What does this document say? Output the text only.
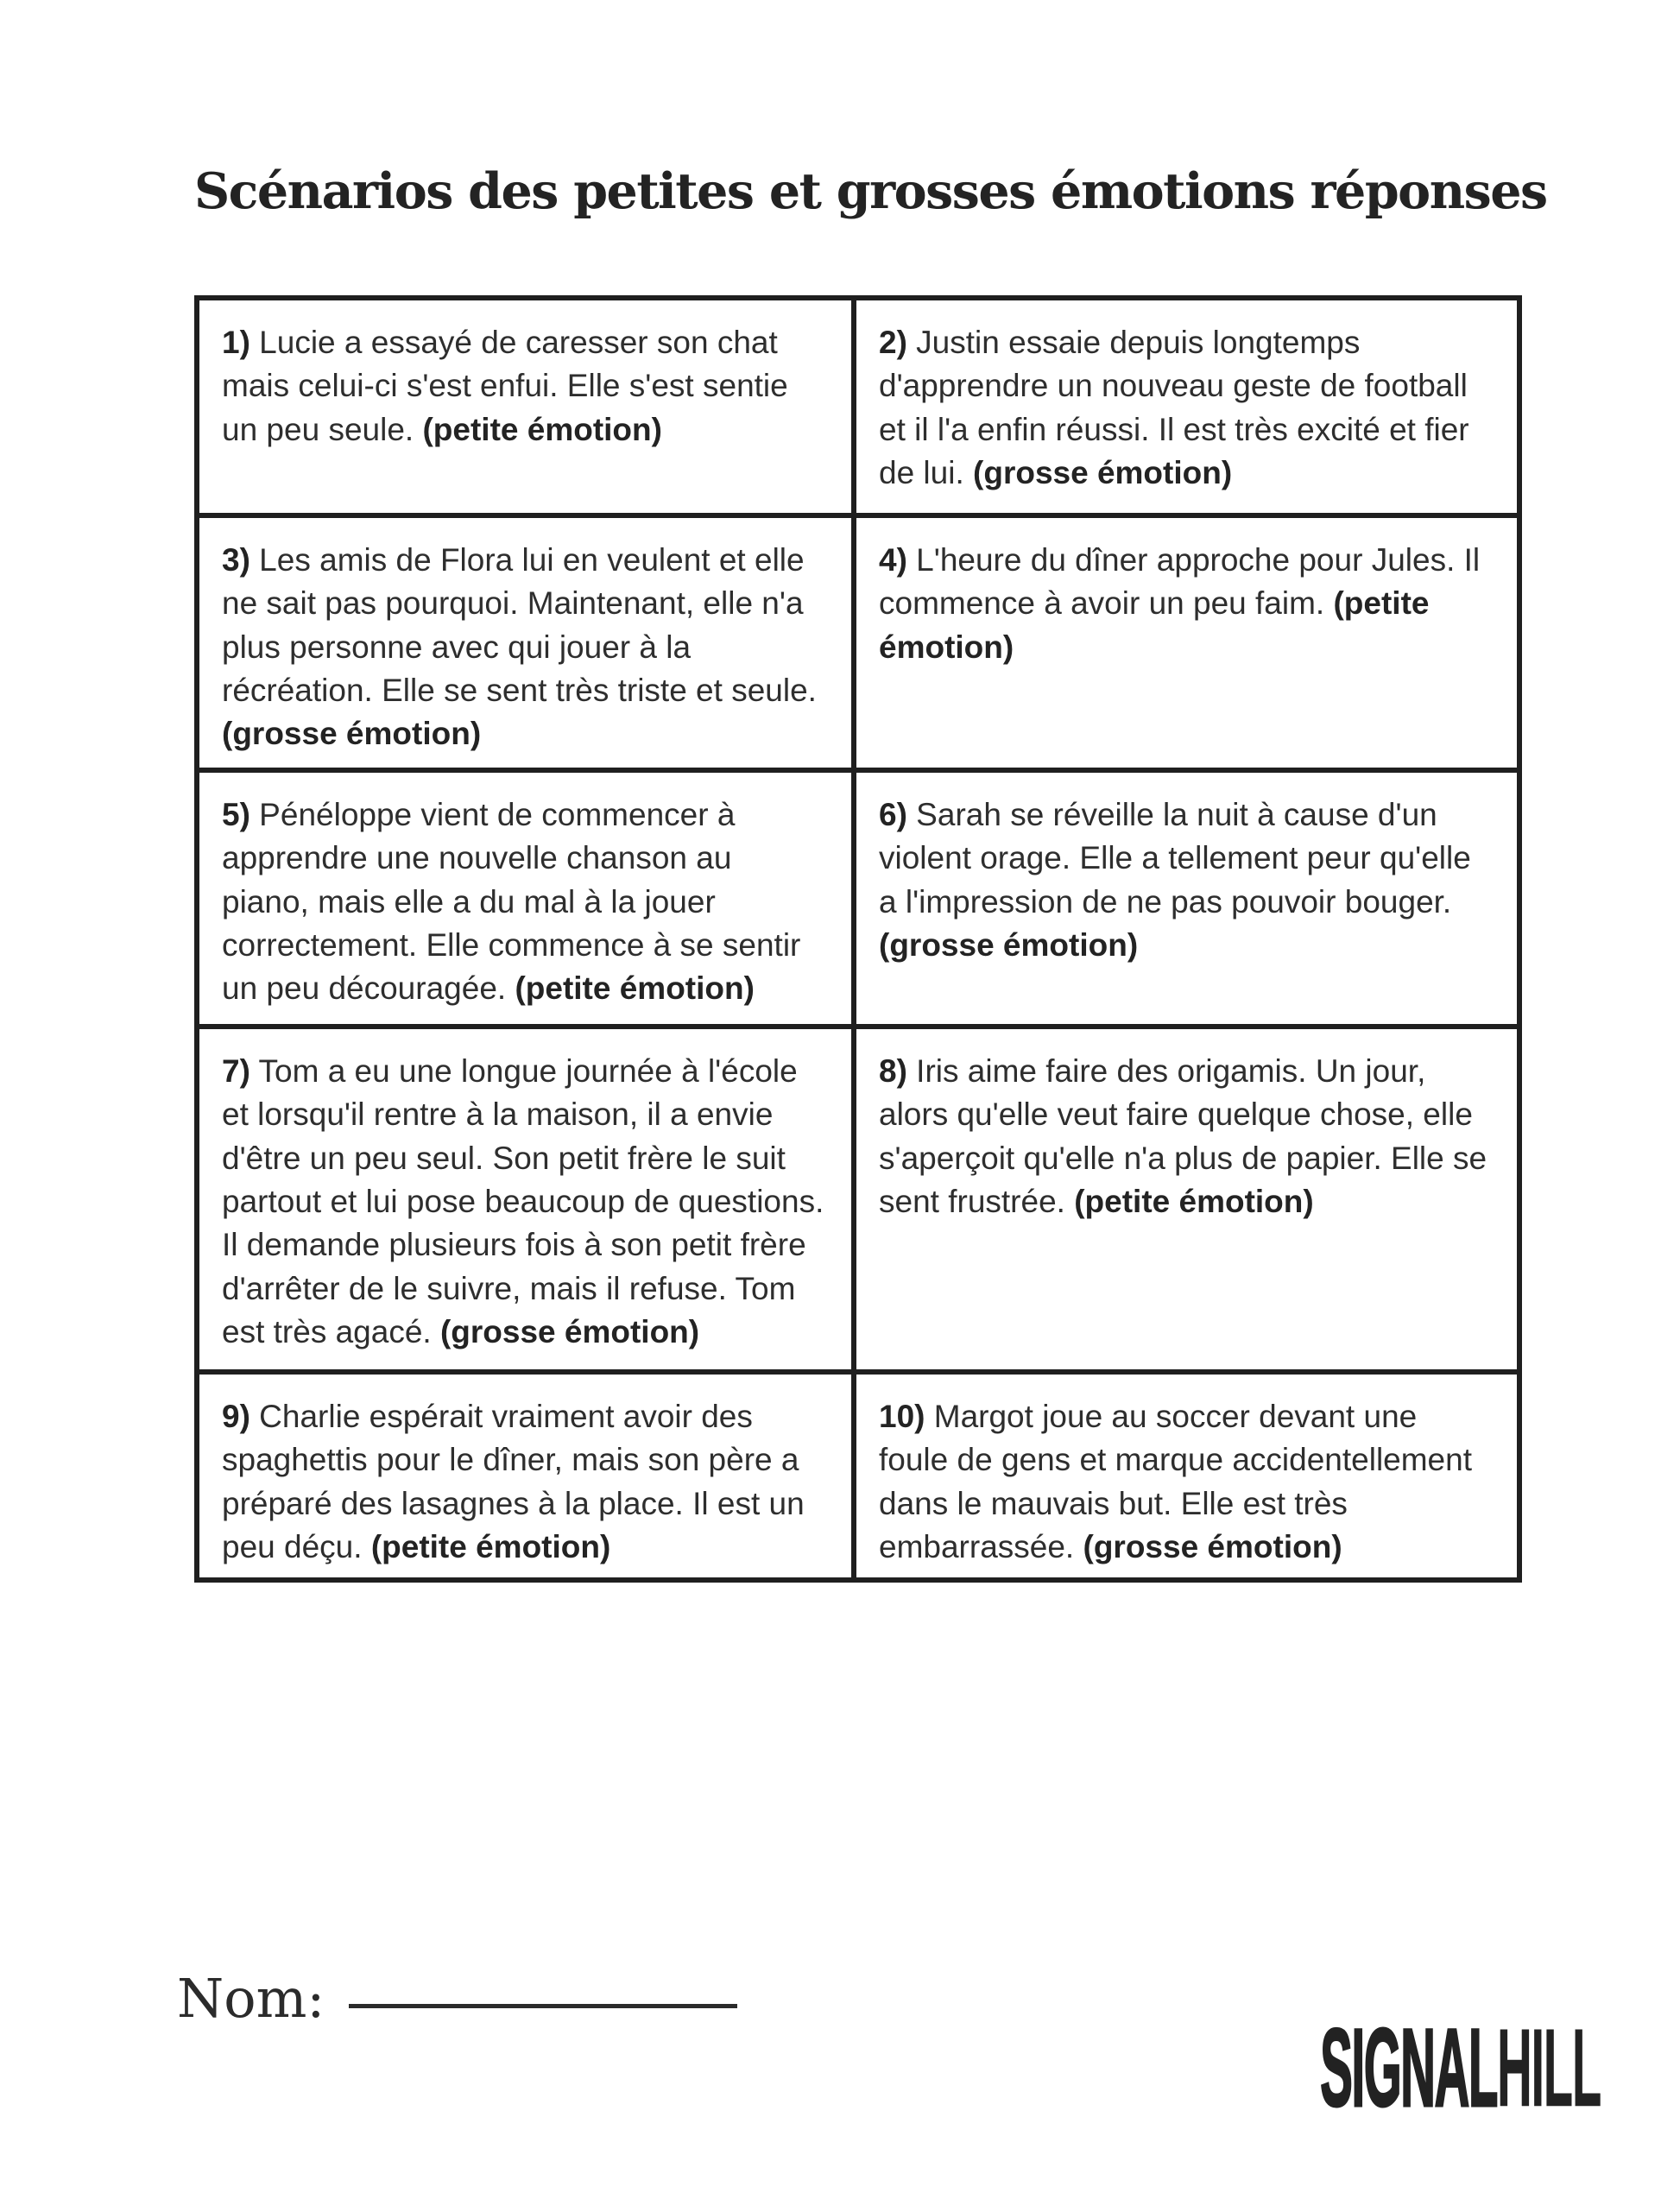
Scénarios des petites et grosses émotions réponses
1) Lucie a essayé de caresser son chat mais celui-ci s'est enfui. Elle s'est sentie un peu seule. (petite émotion)
2) Justin essaie depuis longtemps d'apprendre un nouveau geste de football et il l'a enfin réussi. Il est très excité et fier de lui. (grosse émotion)
3) Les amis de Flora lui en veulent et elle ne sait pas pourquoi. Maintenant, elle n'a plus personne avec qui jouer à la récréation. Elle se sent très triste et seule. (grosse émotion)
4) L'heure du dîner approche pour Jules. Il commence à avoir un peu faim. (petite émotion)
5) Pénéloppe vient de commencer à apprendre une nouvelle chanson au piano, mais elle a du mal à la jouer correctement. Elle commence à se sentir un peu découragée. (petite émotion)
6) Sarah se réveille la nuit à cause d'un violent orage. Elle a tellement peur qu'elle a l'impression de ne pas pouvoir bouger. (grosse émotion)
7) Tom a eu une longue journée à l'école et lorsqu'il rentre à la maison, il a envie d'être un peu seul. Son petit frère le suit partout et lui pose beaucoup de questions. Il demande plusieurs fois à son petit frère d'arrêter de le suivre, mais il refuse. Tom est très agacé. (grosse émotion)
8) Iris aime faire des origamis. Un jour, alors qu'elle veut faire quelque chose, elle s'aperçoit qu'elle n'a plus de papier. Elle se sent frustrée. (petite émotion)
9) Charlie espérait vraiment avoir des spaghettis pour le dîner, mais son père a préparé des lasagnes à la place. Il est un peu déçu. (petite émotion)
10) Margot joue au soccer devant une foule de gens et marque accidentellement dans le mauvais but. Elle est très embarrassée. (grosse émotion)
Nom:
SIGNALHILL
